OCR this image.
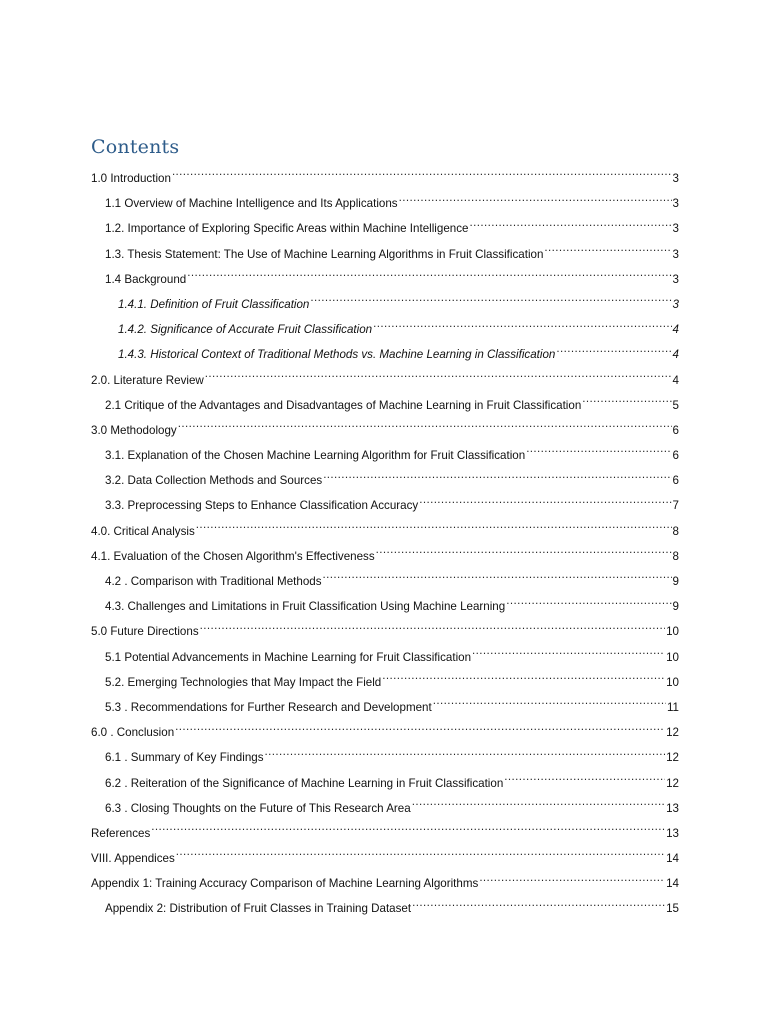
Contents
1.0 Introduction .....	3
1.1 Overview of Machine Intelligence and Its Applications .....	3
1.2. Importance of Exploring Specific Areas within Machine Intelligence .....	3
1.3. Thesis Statement: The Use of Machine Learning Algorithms in Fruit Classification .....	3
1.4 Background .....	3
1.4.1. Definition of Fruit Classification .....	3
1.4.2. Significance of Accurate Fruit Classification .....	4
1.4.3. Historical Context of Traditional Methods vs. Machine Learning in Classification .....	4
2.0. Literature Review .....	4
2.1 Critique of the Advantages and Disadvantages of Machine Learning in Fruit Classification .....	5
3.0 Methodology .....	6
3.1. Explanation of the Chosen Machine Learning Algorithm for Fruit Classification .....	6
3.2. Data Collection Methods and Sources .....	6
3.3. Preprocessing Steps to Enhance Classification Accuracy .....	7
4.0. Critical Analysis .....	8
4.1. Evaluation of the Chosen Algorithm's Effectiveness .....	8
4.2 . Comparison with Traditional Methods .....	9
4.3. Challenges and Limitations in Fruit Classification Using Machine Learning .....	9
5.0 Future Directions .....	10
5.1 Potential Advancements in Machine Learning for Fruit Classification .....	10
5.2. Emerging Technologies that May Impact the Field .....	10
5.3 . Recommendations for Further Research and Development .....	11
6.0 . Conclusion .....	12
6.1 . Summary of Key Findings .....	12
6.2 . Reiteration of the Significance of Machine Learning in Fruit Classification .....	12
6.3 . Closing Thoughts on the Future of This Research Area .....	13
References .....	13
VIII. Appendices .....	14
Appendix 1: Training Accuracy Comparison of Machine Learning Algorithms .....	14
Appendix 2: Distribution of Fruit Classes in Training Dataset .....	15
